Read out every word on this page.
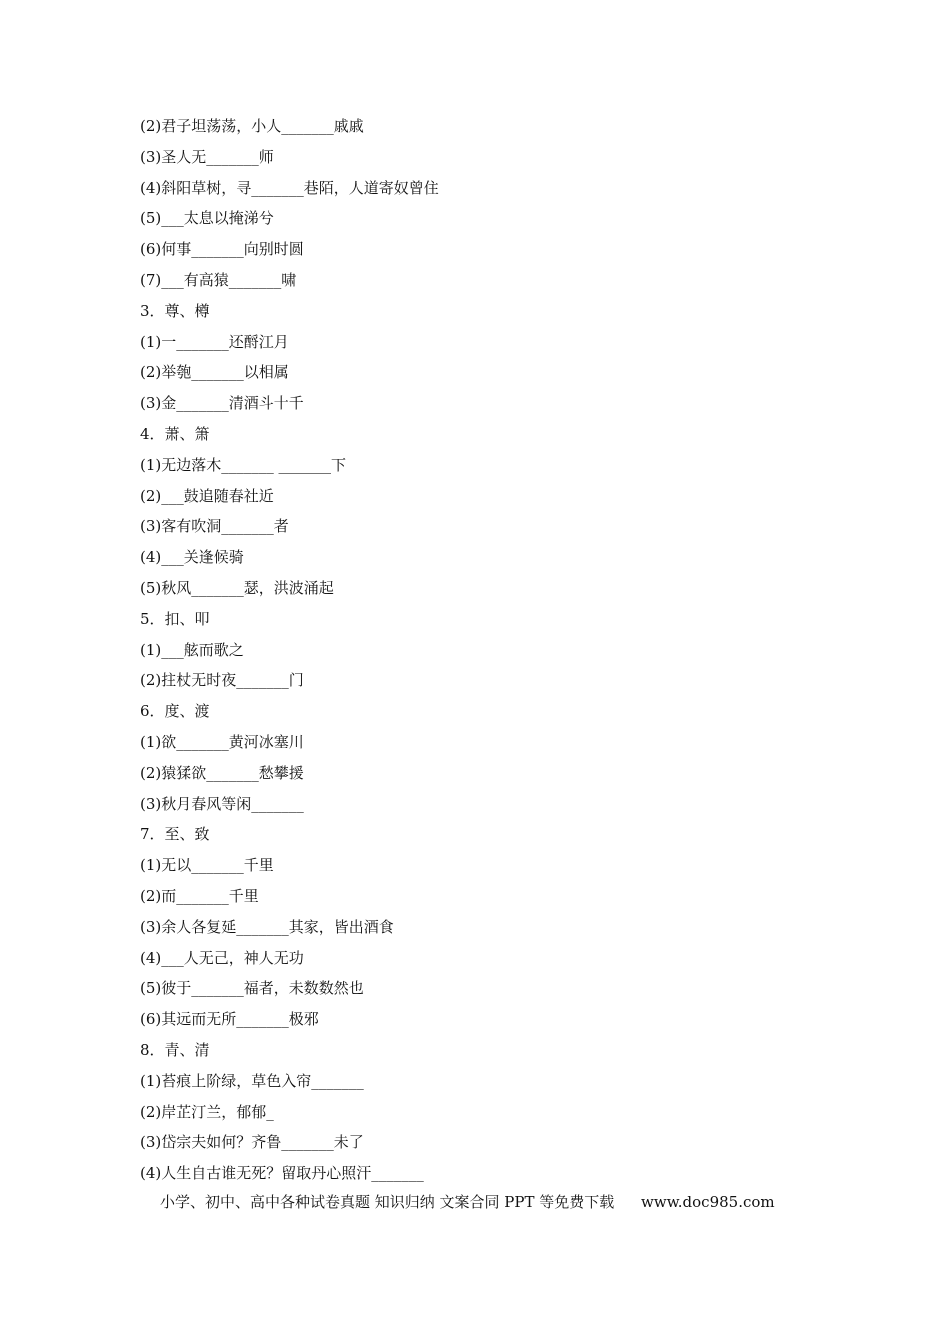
(2)君子坦荡荡，小人_______戚戚
(3)圣人无_______师
(4)斜阳草树，寻_______巷陌，人道寄奴曾住
(5)___太息以掩涕兮
(6)何事_______向别时圆
(7)___有高猿_______啸
3．尊、樽
(1)一_______还酹江月
(2)举匏_______以相属
(3)金_______清酒斗十千
4．萧、箫
(1)无边落木_______ _______下
(2)___鼓追随春社近
(3)客有吹洞_______者
(4)___关逢候骑
(5)秋风_______瑟，洪波涌起
5．扣、叩
(1)___舷而歌之
(2)拄杖无时夜_______门
6．度、渡
(1)欲_______黄河冰塞川
(2)猿猱欲_______愁攀援
(3)秋月春风等闲_______
7．至、致
(1)无以_______千里
(2)而_______千里
(3)余人各复延_______其家，皆出酒食
(4)___人无己，神人无功
(5)彼于_______福者，未数数然也
(6)其远而无所_______极邪
8．青、清
(1)苔痕上阶绿，草色入帘_______
(2)岸芷汀兰，郁郁_
(3)岱宗夫如何？齐鲁_______未了
(4)人生自古谁无死？留取丹心照汗_______
小学、初中、高中各种试卷真题 知识归纳 文案合同 PPT 等免费下载 www.doc985.com
